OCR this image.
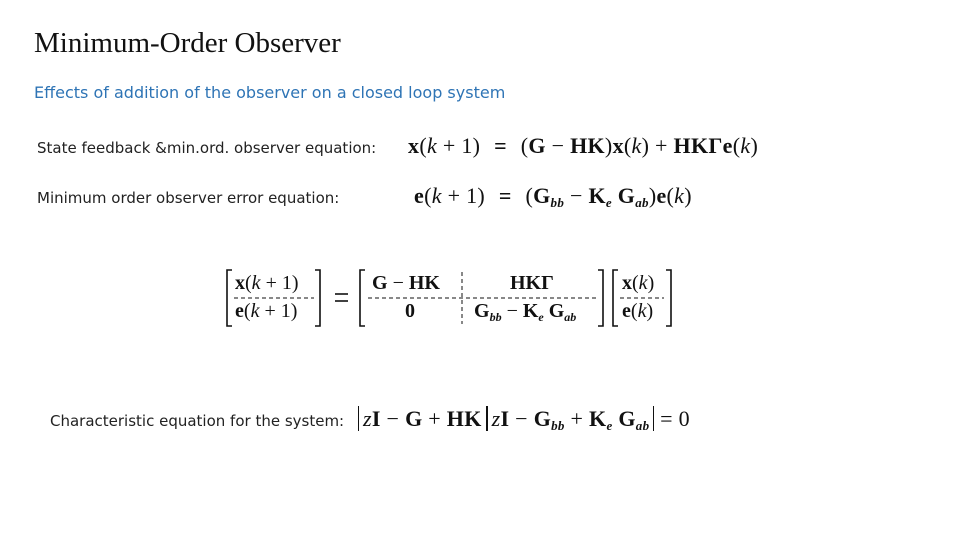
Minimum-Order Observer
Effects of addition of the observer on a closed loop system
State feedback &min.ord. observer equation: x(k + 1) = (G − HK)x(k) + HKΓe(k)
Minimum order observer error equation:	$e(k + 1) = (G_{bb} - K_e$ $G_{ab})e(k)$
x(k + 1)
e(k + 1)
G − HK
0
HKΓ
$G_{bb} - K_e$ $G_{ab}$
x(k)
e(k)
Characteristic equation for the system: zI − G + HK zI − $G_{bb} + K_e$ $G_{ab} = 0$
